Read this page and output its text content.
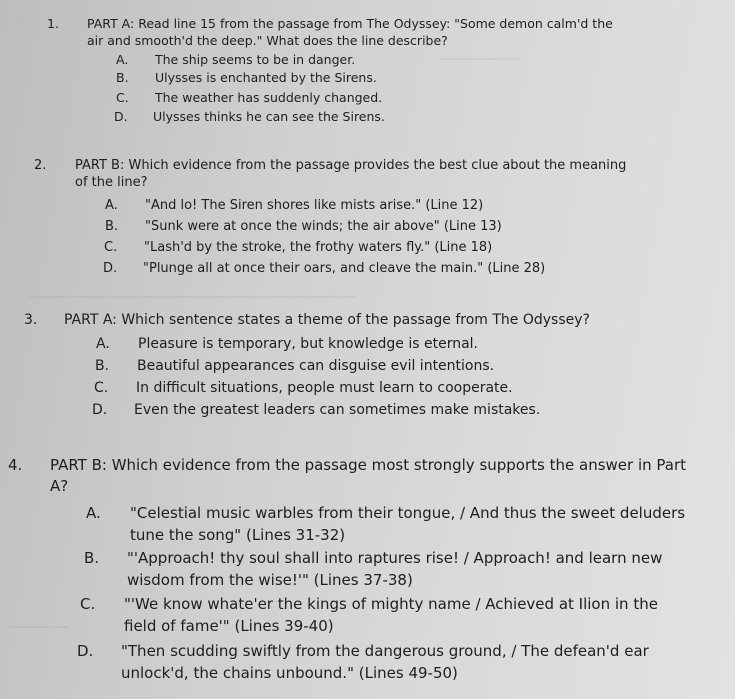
───────────
─────────────────────────────────────────────
────────
1. PART A: Read line 15 from the passage from The Odyssey: "Some demon calm'd the

air and smooth'd the deep." What does the line describe?

A. The ship seems to be in danger.

B. Ulysses is enchanted by the Sirens.

C. The weather has suddenly changed.

D. Ulysses thinks he can see the Sirens.

2. PART B: Which evidence from the passage provides the best clue about the meaning

of the line?

A. "And lo! The Siren shores like mists arise." (Line 12)

B. "Sunk were at once the winds; the air above" (Line 13)

C. "Lash'd by the stroke, the frothy waters fly." (Line 18)

D. "Plunge all at once their oars, and cleave the main." (Line 28)

3. PART A: Which sentence states a theme of the passage from The Odyssey?

A. Pleasure is temporary, but knowledge is eternal.

B. Beautiful appearances can disguise evil intentions.

C. In difficult situations, people must learn to cooperate.

D. Even the greatest leaders can sometimes make mistakes.

4. PART B: Which evidence from the passage most strongly supports the answer in Part

A?

A. "Celestial music warbles from their tongue, / And thus the sweet deluders

tune the song" (Lines 31-32)

B. "'Approach! thy soul shall into raptures rise! / Approach! and learn new

wisdom from the wise!'" (Lines 37-38)

C. "'We know whate'er the kings of mighty name / Achieved at Ilion in the

field of fame'" (Lines 39-40)

D. "Then scudding swiftly from the dangerous ground, / The defean'd ear

unlock'd, the chains unbound." (Lines 49-50)
